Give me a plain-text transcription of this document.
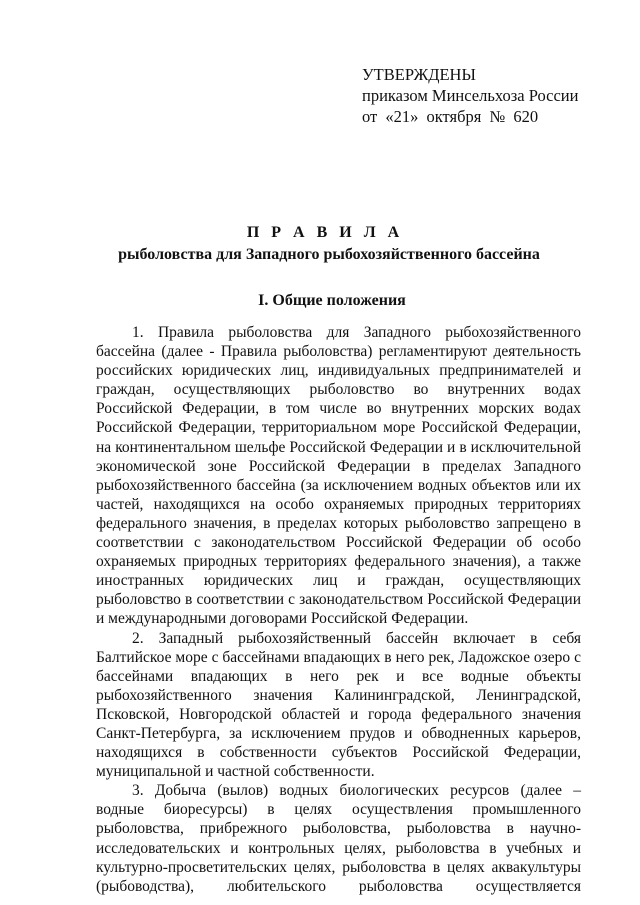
УТВЕРЖДЕНЫ
приказом Минсельхоза России
от «21» октября № 620
П Р А В И Л А
рыболовства для Западного рыбохозяйственного бассейна
I. Общие положения

1. Правила рыболовства для Западного рыбохозяйственного бассейна (далее - Правила рыболовства) регламентируют деятельность российских юридических лиц, индивидуальных предпринимателей и граждан, осуществляющих рыболовство во внутренних водах Российской Федерации, в том числе во внутренних морских водах Российской Федерации, территориальном море Российской Федерации, на континентальном шельфе Российской Федерации и в исключительной экономической зоне Российской Федерации в пределах Западного рыбохозяйственного бассейна (за исключением водных объектов или их частей, находящихся на особо охраняемых природных территориях федерального значения, в пределах которых рыболовство запрещено в соответствии с законодательством Российской Федерации об особо охраняемых природных территориях федерального значения), а также иностранных юридических лиц и граждан, осуществляющих рыболовство в соответствии с законодательством Российской Федерации и международными договорами Российской Федерации.

2. Западный рыбохозяйственный бассейн включает в себя Балтийское море с бассейнами впадающих в него рек, Ладожское озеро с бассейнами впадающих в него рек и все водные объекты рыбохозяйственного значения Калининградской, Ленинградской, Псковской, Новгородской областей и города федерального значения Санкт-Петербурга, за исключением прудов и обводненных карьеров, находящихся в собственности субъектов Российской Федерации, муниципальной и частной собственности.

3. Добыча (вылов) водных биологических ресурсов (далее – водные биоресурсы) в целях осуществления промышленного рыболовства, прибрежного рыболовства, рыболовства в научно-исследовательских и контрольных целях, рыболовства в учебных и культурно-просветительских целях, рыболовства в целях аквакультуры (рыбоводства), любительского рыболовства осуществляется
